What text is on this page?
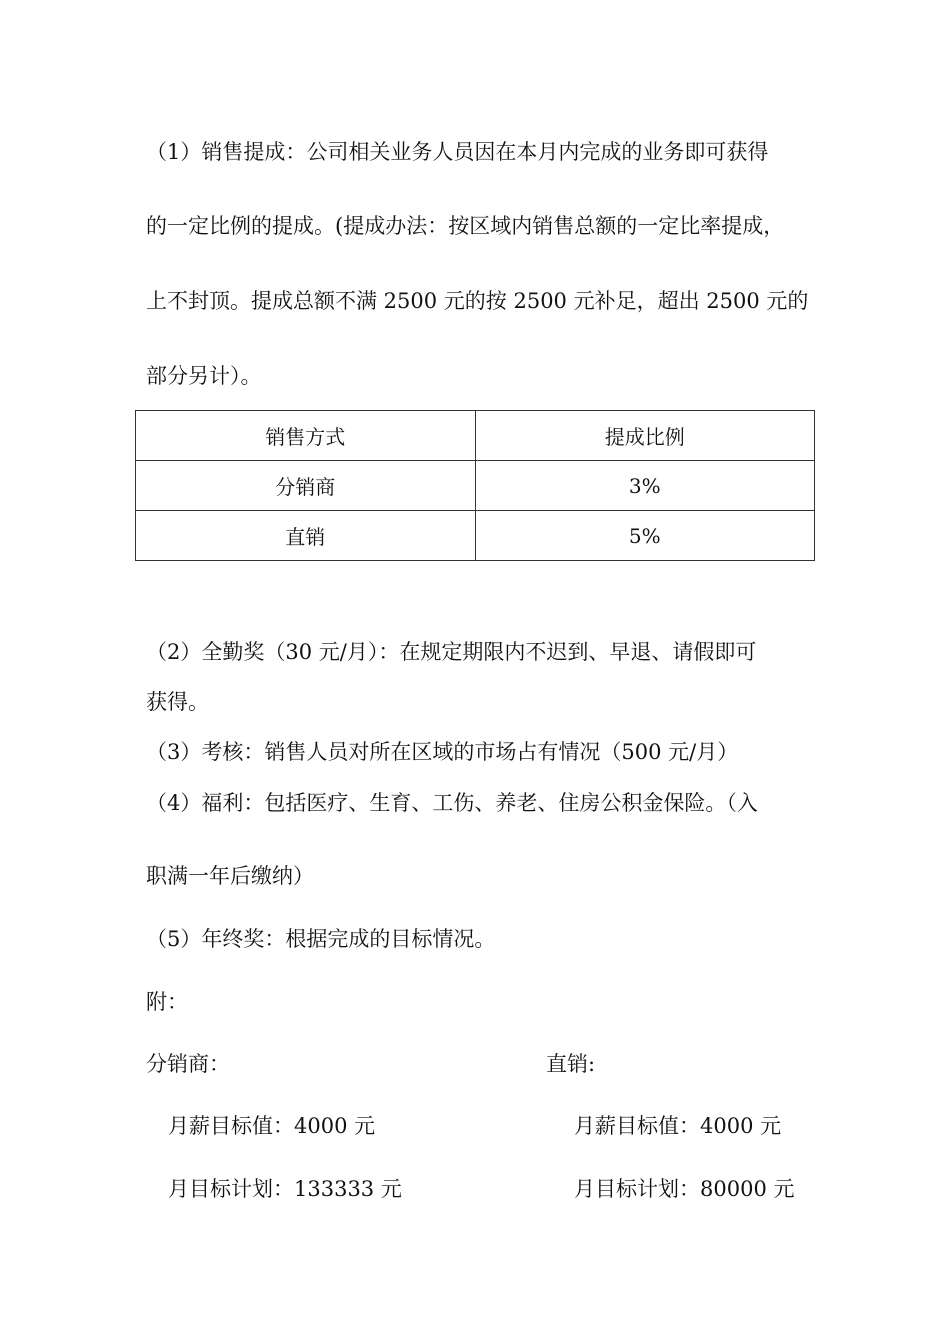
（1）销售提成：公司相关业务人员因在本月内完成的业务即可获得

的一定比例的提成。(提成办法：按区域内销售总额的一定比率提成，

上不封顶。提成总额不满 2500 元的按 2500 元补足，超出 2500 元的

部分另计）。

销售方式	提成比例
分销商	3%
直销	5%

（2）全勤奖（30 元/月）：在规定期限内不迟到、早退、请假即可

获得。

（3）考核：销售人员对所在区域的市场占有情况（500 元/月）

（4）福利：包括医疗、生育、工伤、养老、住房公积金保险。（入

职满一年后缴纳）

（5）年终奖：根据完成的目标情况。

附：

分销商：	直销:

月薪目标值：4000 元	月薪目标值：4000 元

月目标计划：133333 元	月目标计划：80000 元
